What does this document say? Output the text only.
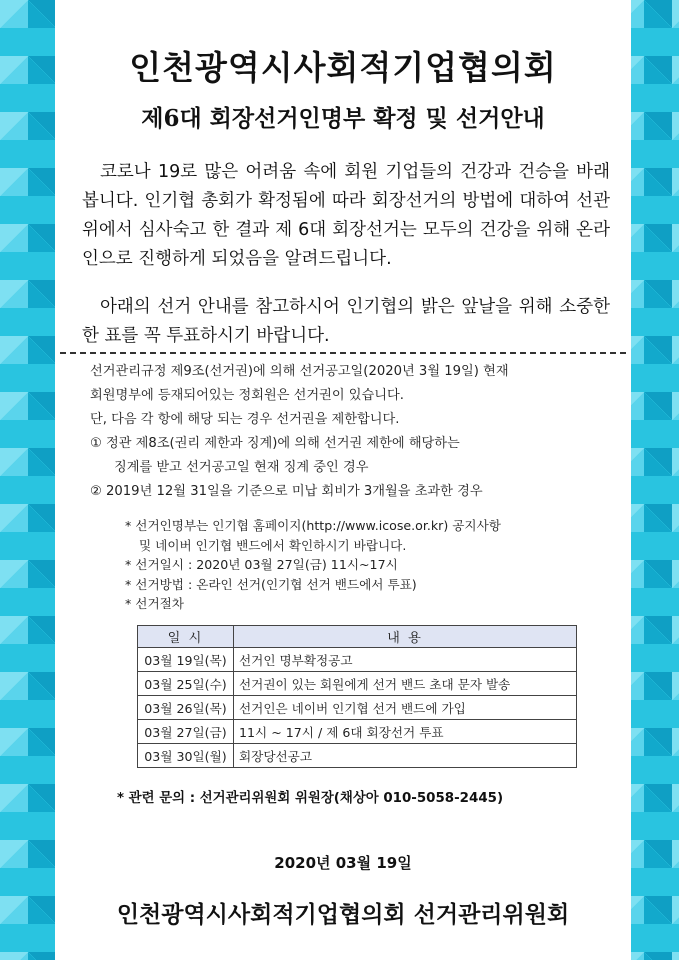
인천광역시사회적기업협의회
제6대 회장선거인명부 확정 및 선거안내

코로나 19로 많은 어려움 속에 회원 기업들의 건강과 건승을 바래봅니다. 인기협 총회가 확정됨에 따라 회장선거의 방법에 대하여 선관위에서 심사숙고 한 결과 제 6대 회장선거는 모두의 건강을 위해 온라인으로 진행하게 되었음을 알려드립니다.

아래의 선거 안내를 참고하시어 인기협의 밝은 앞날을 위해 소중한 한 표를 꼭 투표하시기 바랍니다.

선거관리규정 제9조(선거권)에 의해 선거공고일(2020년 3월 19일) 현재
회원명부에 등재되어있는 정회원은 선거권이 있습니다.
단, 다음 각 항에 해당 되는 경우 선거권을 제한합니다.
① 정관 제8조(권리 제한과 징계)에 의해 선거권 제한에 해당하는
징계를 받고 선거공고일 현재 징계 중인 경우
② 2019년 12월 31일을 기준으로 미납 회비가 3개월을 초과한 경우
* 선거인명부는 인기협 홈페이지(http://www.icose.or.kr) 공지사항
및 네이버 인기협 밴드에서 확인하시기 바랍니다.
* 선거일시 : 2020년 03월 27일(금) 11시~17시
* 선거방법 : 온라인 선거(인기협 선거 밴드에서 투표)
* 선거절차
일 시	내 용
03월 19일(목)	선거인 명부확정공고
03월 25일(수)	선거권이 있는 회원에게 선거 밴드 초대 문자 발송
03월 26일(목)	선거인은 네이버 인기협 선거 밴드에 가입
03월 27일(금)	11시 ~ 17시 / 제 6대 회장선거 투표
03월 30일(월)	회장당선공고
* 관련 문의 : 선거관리위원회 위원장(채상아 010-5058-2445)
2020년 03월 19일
인천광역시사회적기업협의회 선거관리위원회
